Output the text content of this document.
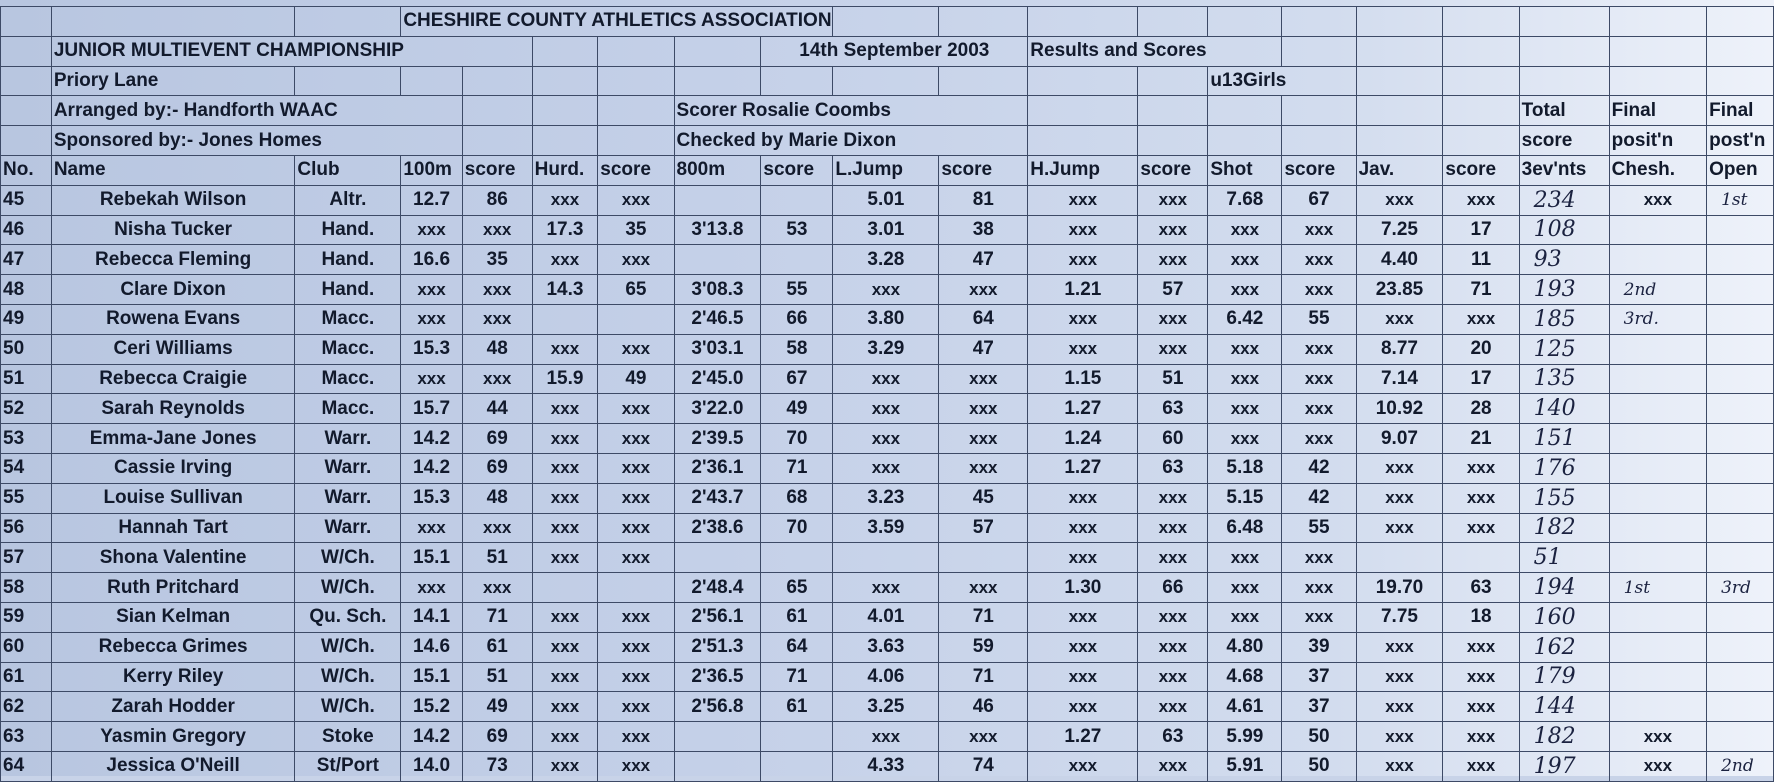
			CHESHIRE COUNTY ATHLETICS ASSOCIATION																
	JUNIOR MULTIEVENT CHAMPIONSHIP							14th September 2003			Results and Scores								
	Priory Lane												u13Girls						
	Arranged by:- Handforth WAAC						Scorer Rosalie Coombs										Total	Final	Final
	Sponsored by:- Jones Homes						Checked by Marie Dixon										score	posit'n	post'n
No.	Name	Club	100m	score	Hurd.	score	800m	score	L.Jump	score	H.Jump	score	Shot	score	Jav.	score	3ev'nts	Chesh.	Open
45	Rebekah Wilson	Altr.	12.7	86	xxx	xxx			5.01	81	xxx	xxx	7.68	67	xxx	xxx	234	xxx	1st
46	Nisha Tucker	Hand.	xxx	xxx	17.3	35	3'13.8	53	3.01	38	xxx	xxx	xxx	xxx	7.25	17	108		
47	Rebecca Fleming	Hand.	16.6	35	xxx	xxx			3.28	47	xxx	xxx	xxx	xxx	4.40	11	93		
48	Clare Dixon	Hand.	xxx	xxx	14.3	65	3'08.3	55	xxx	xxx	1.21	57	xxx	xxx	23.85	71	193	2nd	
49	Rowena Evans	Macc.	xxx	xxx			2'46.5	66	3.80	64	xxx	xxx	6.42	55	xxx	xxx	185	3rd.	
50	Ceri Williams	Macc.	15.3	48	xxx	xxx	3'03.1	58	3.29	47	xxx	xxx	xxx	xxx	8.77	20	125		
51	Rebecca Craigie	Macc.	xxx	xxx	15.9	49	2'45.0	67	xxx	xxx	1.15	51	xxx	xxx	7.14	17	135		
52	Sarah Reynolds	Macc.	15.7	44	xxx	xxx	3'22.0	49	xxx	xxx	1.27	63	xxx	xxx	10.92	28	140		
53	Emma-Jane Jones	Warr.	14.2	69	xxx	xxx	2'39.5	70	xxx	xxx	1.24	60	xxx	xxx	9.07	21	151		
54	Cassie Irving	Warr.	14.2	69	xxx	xxx	2'36.1	71	xxx	xxx	1.27	63	5.18	42	xxx	xxx	176		
55	Louise Sullivan	Warr.	15.3	48	xxx	xxx	2'43.7	68	3.23	45	xxx	xxx	5.15	42	xxx	xxx	155		
56	Hannah Tart	Warr.	xxx	xxx	xxx	xxx	2'38.6	70	3.59	57	xxx	xxx	6.48	55	xxx	xxx	182		
57	Shona Valentine	W/Ch.	15.1	51	xxx	xxx					xxx	xxx	xxx	xxx			51		
58	Ruth Pritchard	W/Ch.	xxx	xxx			2'48.4	65	xxx	xxx	1.30	66	xxx	xxx	19.70	63	194	1st	3rd
59	Sian Kelman	Qu. Sch.	14.1	71	xxx	xxx	2'56.1	61	4.01	71	xxx	xxx	xxx	xxx	7.75	18	160		
60	Rebecca Grimes	W/Ch.	14.6	61	xxx	xxx	2'51.3	64	3.63	59	xxx	xxx	4.80	39	xxx	xxx	162		
61	Kerry Riley	W/Ch.	15.1	51	xxx	xxx	2'36.5	71	4.06	71	xxx	xxx	4.68	37	xxx	xxx	179		
62	Zarah Hodder	W/Ch.	15.2	49	xxx	xxx	2'56.8	61	3.25	46	xxx	xxx	4.61	37	xxx	xxx	144		
63	Yasmin Gregory	Stoke	14.2	69	xxx	xxx			xxx	xxx	1.27	63	5.99	50	xxx	xxx	182	xxx	
64	Jessica O'Neill	St/Port	14.0	73	xxx	xxx			4.33	74	xxx	xxx	5.91	50	xxx	xxx	197	xxx	2nd
